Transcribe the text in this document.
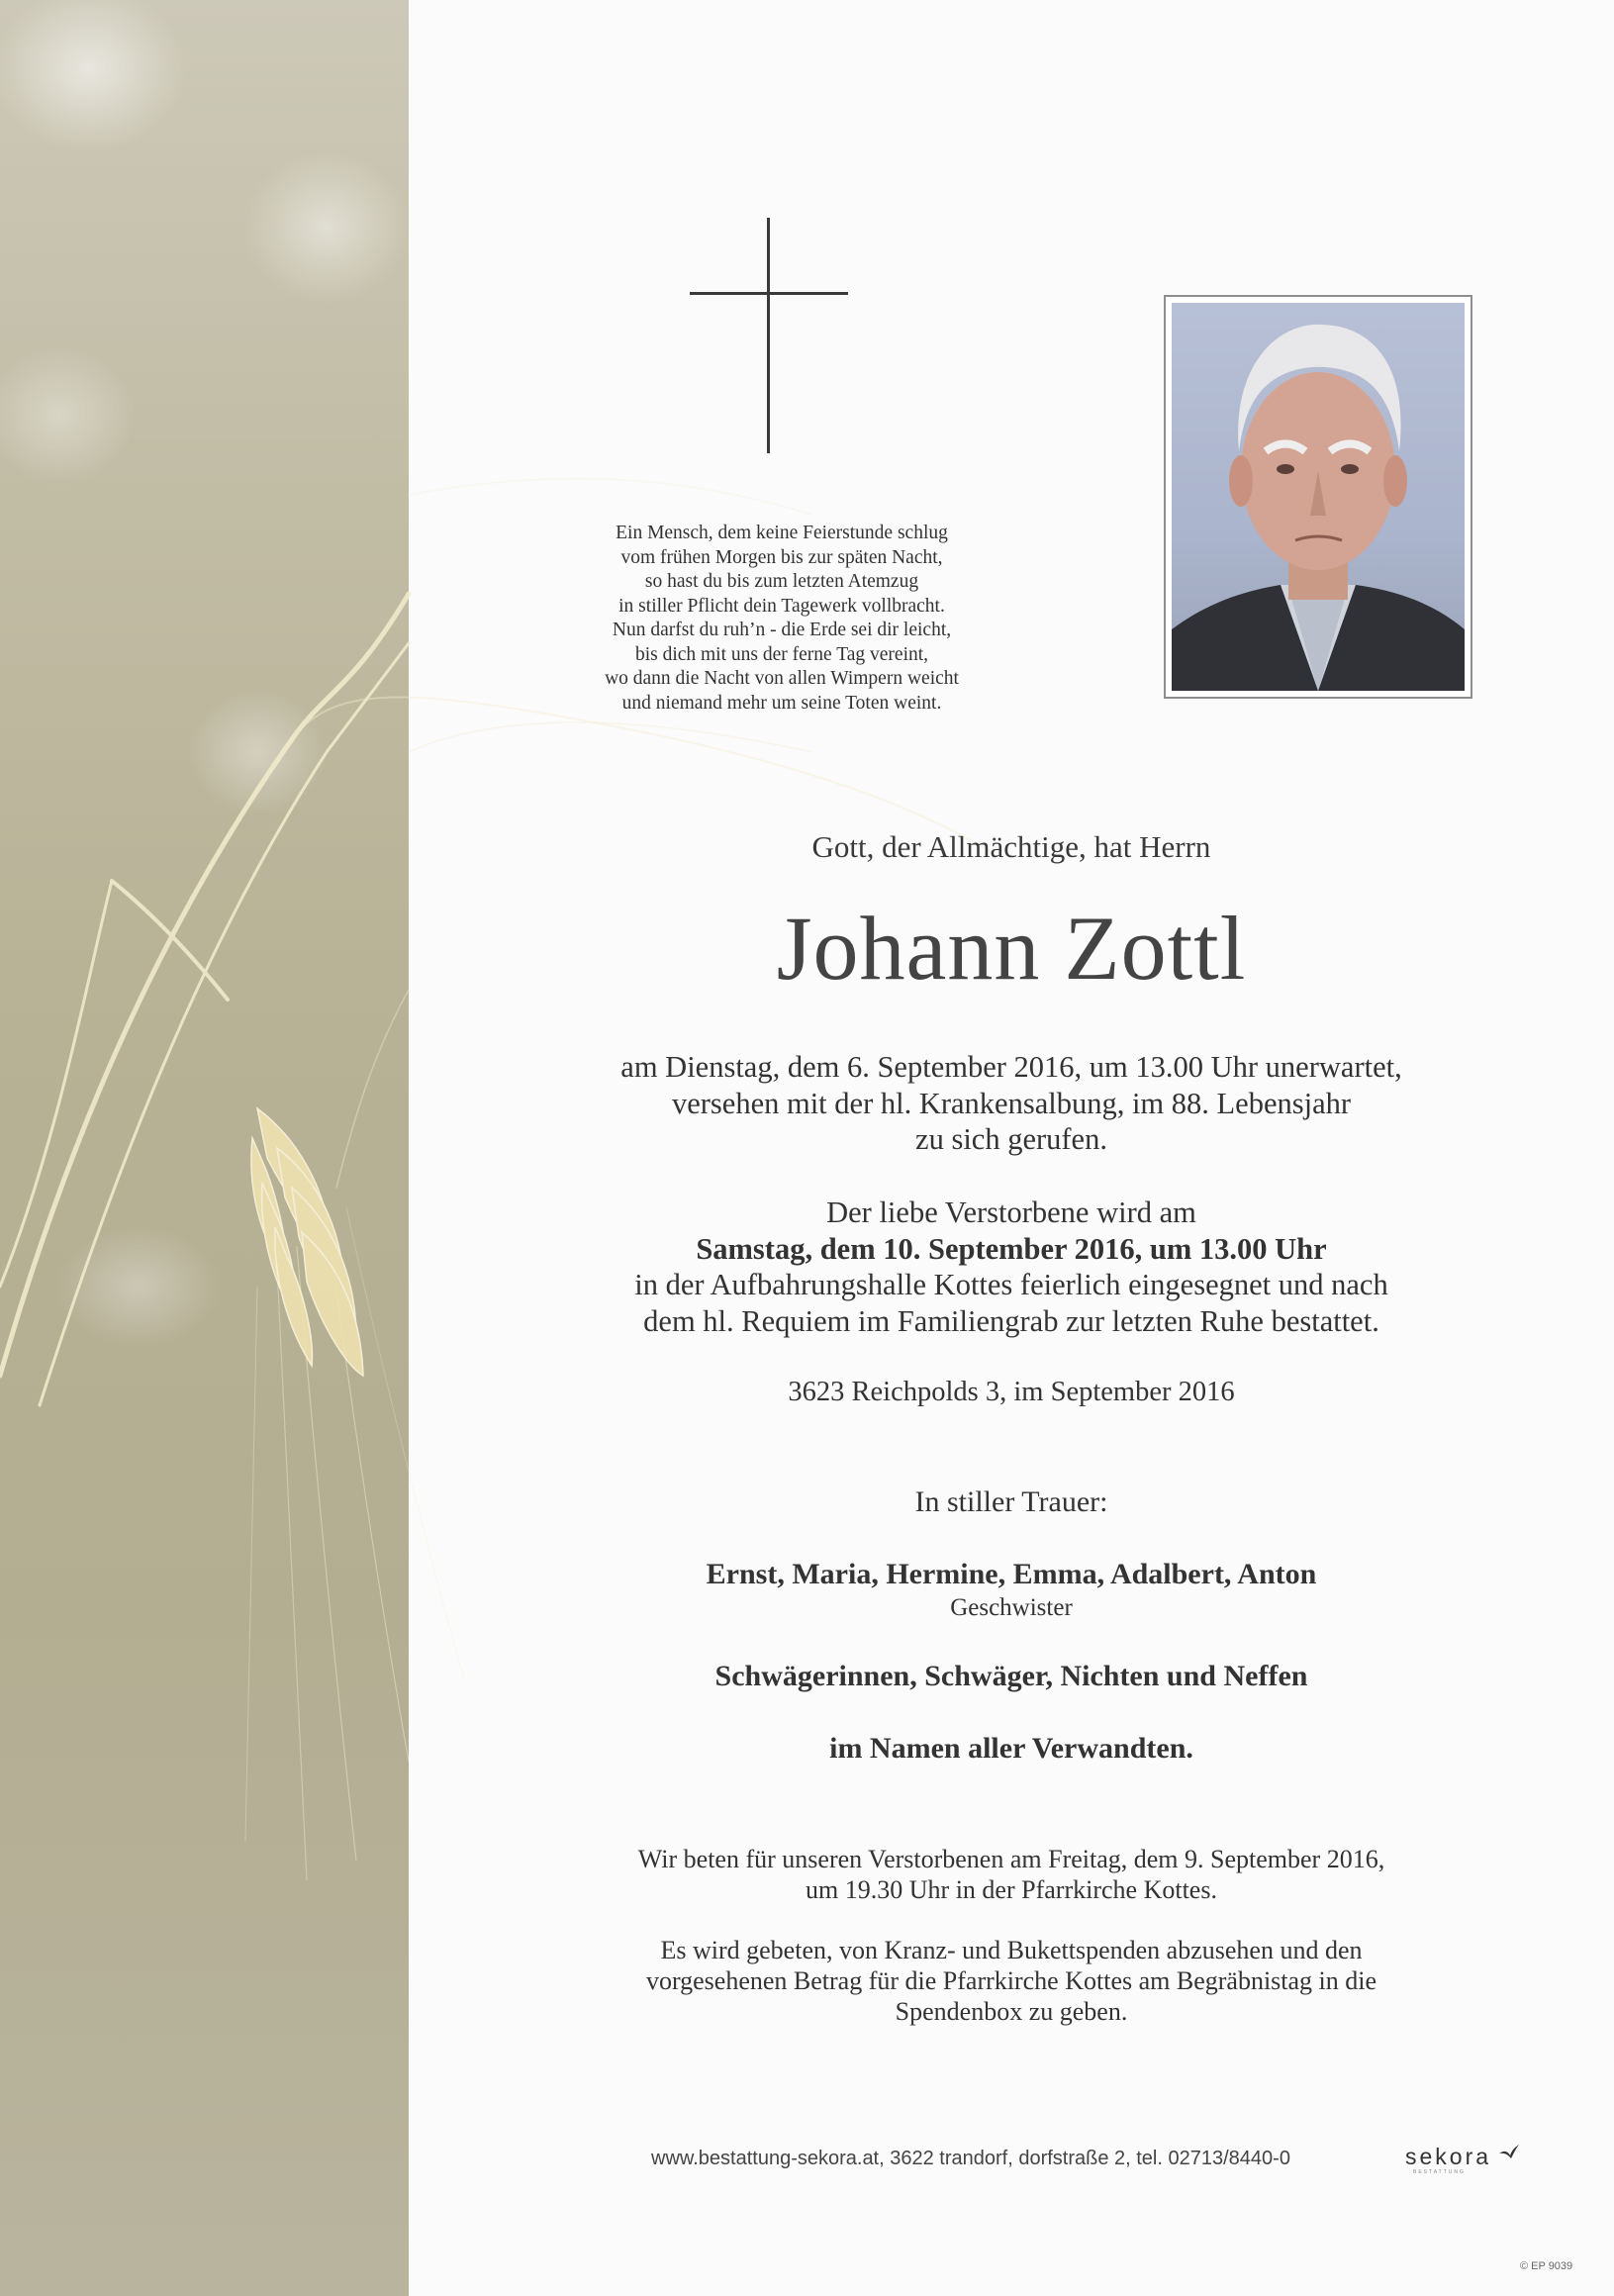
Ein Mensch, dem keine Feierstunde schlug
vom frühen Morgen bis zur späten Nacht,
so hast du bis zum letzten Atemzug
in stiller Pflicht dein Tagewerk vollbracht.
Nun darfst du ruh’n - die Erde sei dir leicht,
bis dich mit uns der ferne Tag vereint,
wo dann die Nacht von allen Wimpern weicht
und niemand mehr um seine Toten weint.
Gott, der Allmächtige, hat Herrn
Johann Zottl
am Dienstag, dem 6. September 2016, um 13.00 Uhr unerwartet,
versehen mit der hl. Krankensalbung, im 88. Lebensjahr
zu sich gerufen.
Der liebe Verstorbene wird am
Samstag, dem 10. September 2016, um 13.00 Uhr
in der Aufbahrungshalle Kottes feierlich eingesegnet und nach
dem hl. Requiem im Familiengrab zur letzten Ruhe bestattet.
3623 Reichpolds 3, im September 2016
In stiller Trauer:
Ernst, Maria, Hermine, Emma, Adalbert, Anton
Geschwister
Schwägerinnen, Schwäger, Nichten und Neffen
im Namen aller Verwandten.
Wir beten für unseren Verstorbenen am Freitag, dem 9. September 2016,
um 19.30 Uhr in der Pfarrkirche Kottes.
Es wird gebeten, von Kranz- und Bukettspenden abzusehen und den
vorgesehenen Betrag für die Pfarrkirche Kottes am Begräbnistag in die
Spendenbox zu geben.
www.bestattung-sekora.at, 3622 trandorf, dorfstraße 2, tel. 02713/8440-0	sekora
BESTATTUNG
© EP 9039
